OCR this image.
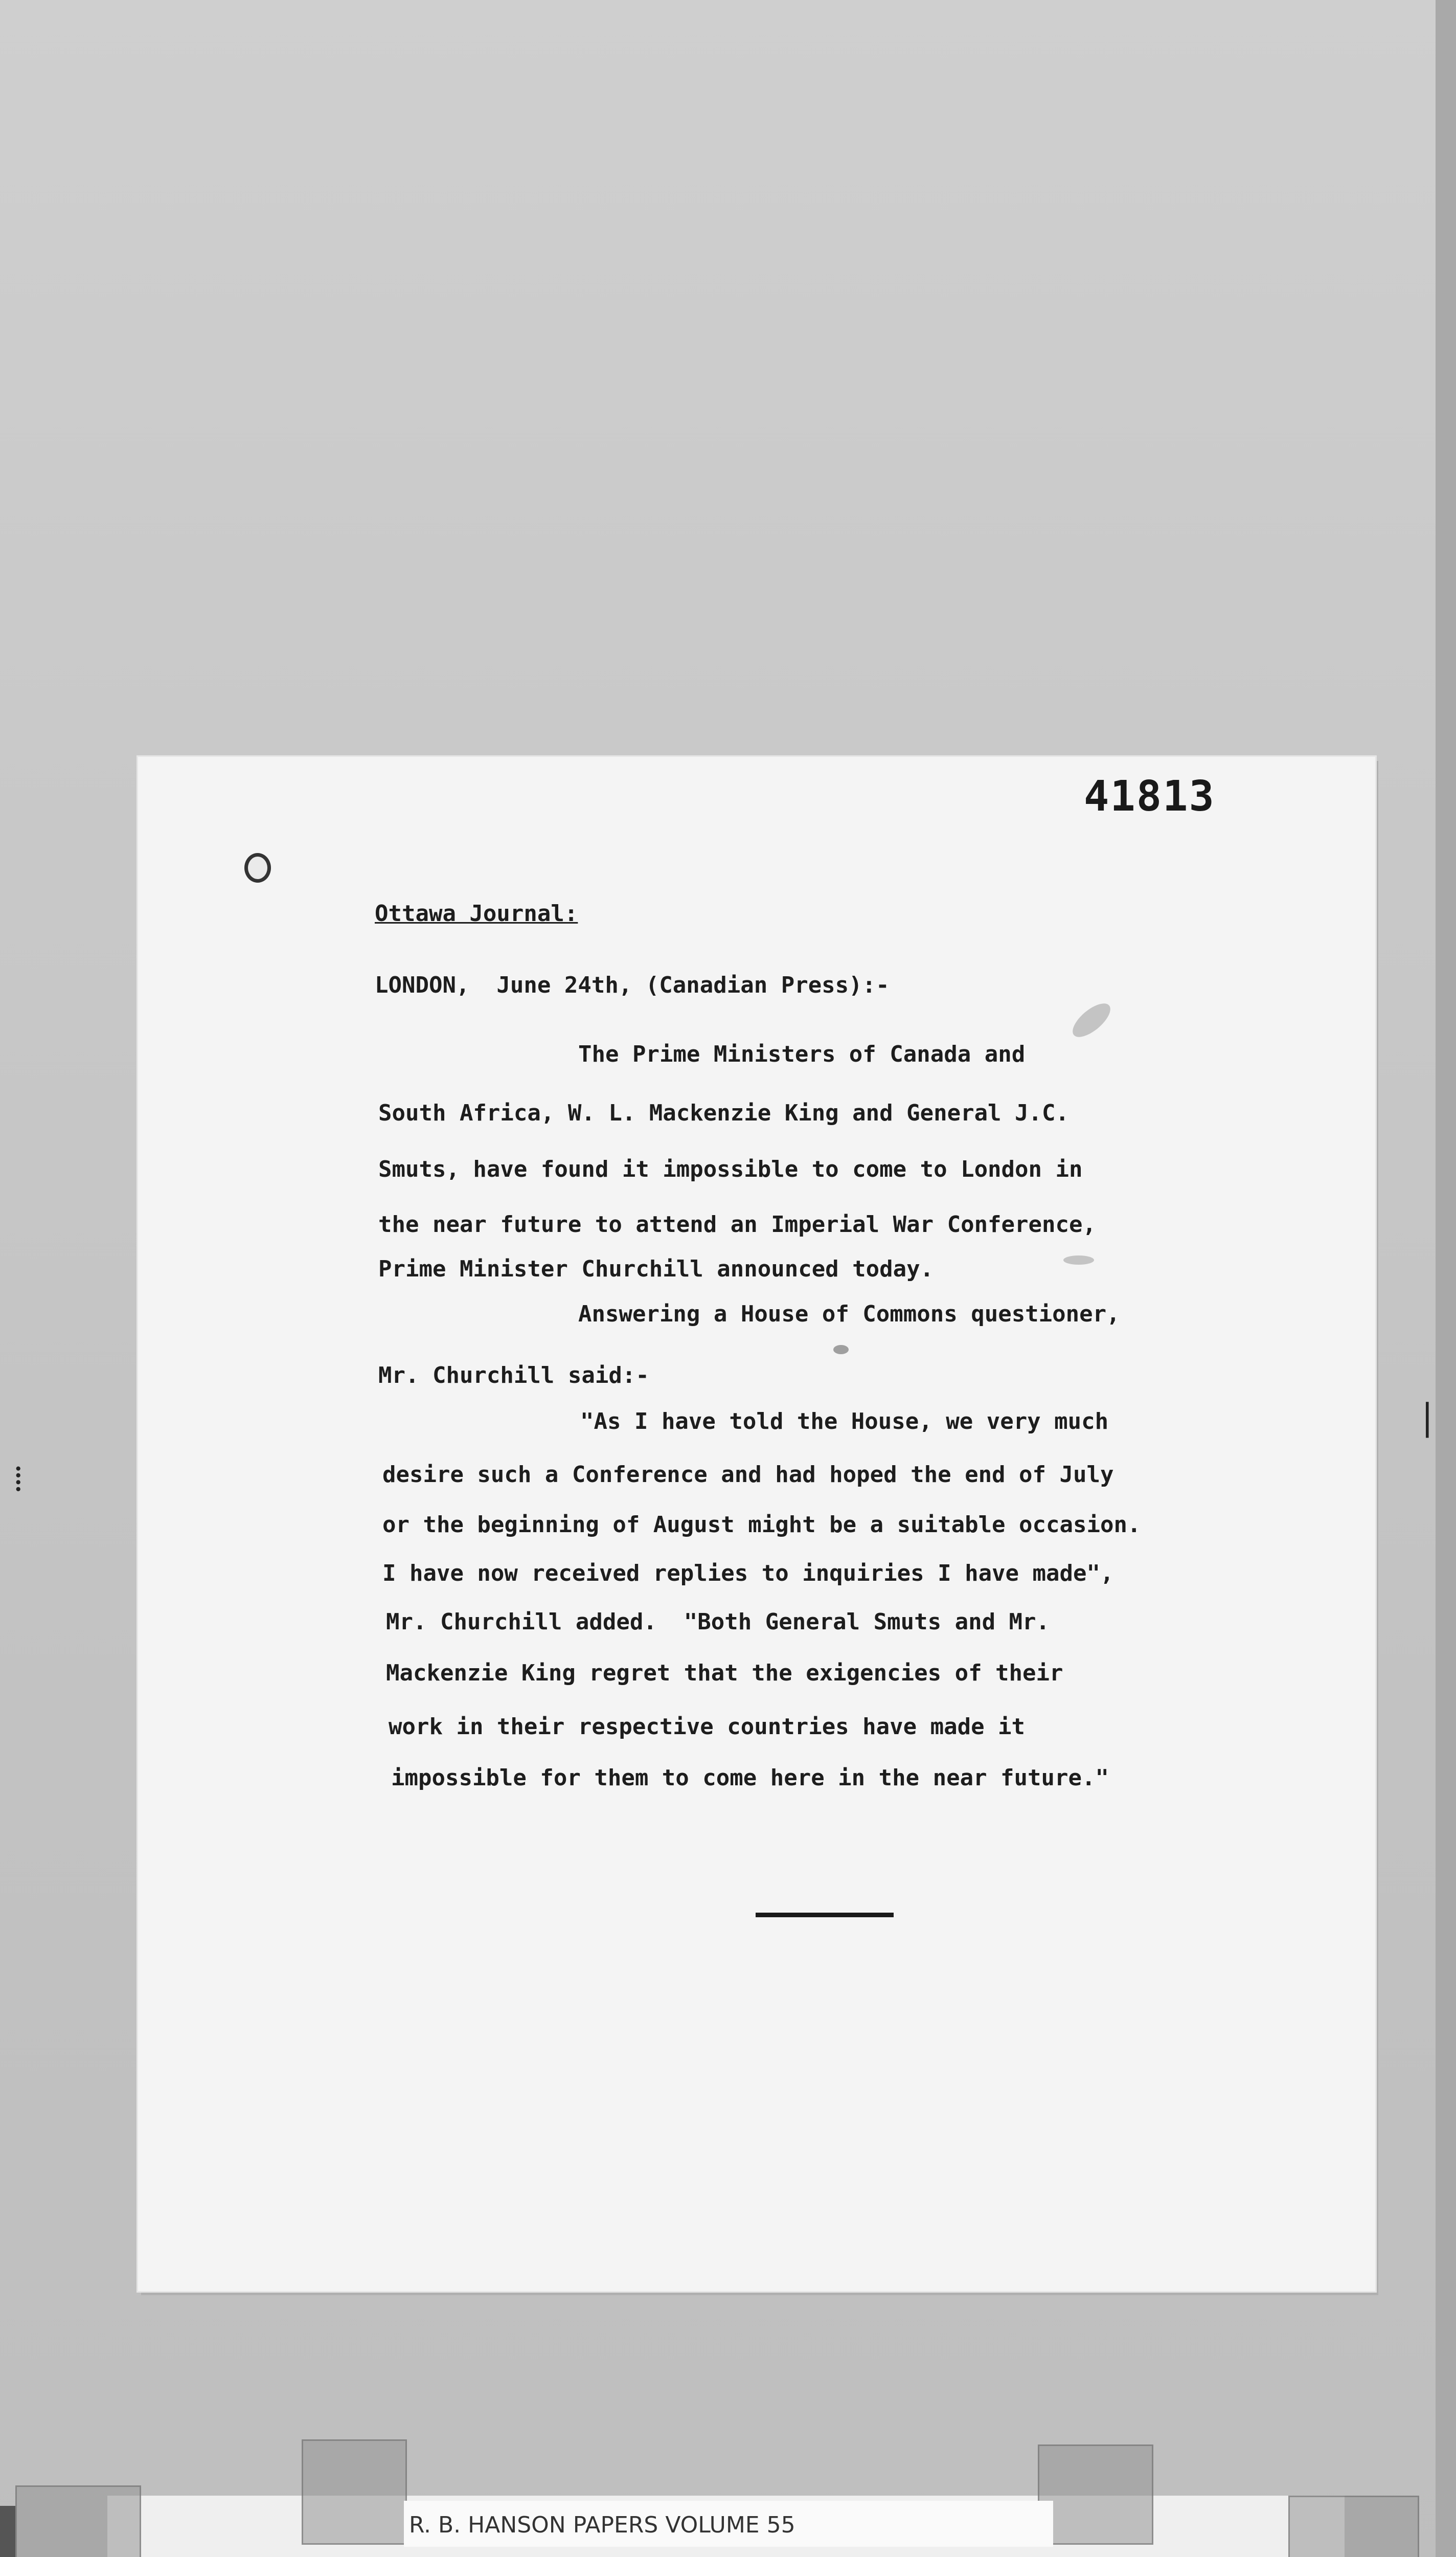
⁞
|
41813
Ottawa Journal:
LONDON,  June 24th, (Canadian Press):-
The Prime Ministers of Canada and
South Africa, W. L. Mackenzie King and General J.C.
Smuts, have found it impossible to come to London in
the near future to attend an Imperial War Conference,
Prime Minister Churchill announced today.
Answering a House of Commons questioner,
Mr. Churchill said:-
"As I have told the House, we very much
desire such a Conference and had hoped the end of July
or the beginning of August might be a suitable occasion.
I have now received replies to inquiries I have made",
Mr. Churchill added.  "Both General Smuts and Mr.
Mackenzie King regret that the exigencies of their
work in their respective countries have made it
impossible for them to come here in the near future."
R. B. HANSON PAPERS VOLUME 55
